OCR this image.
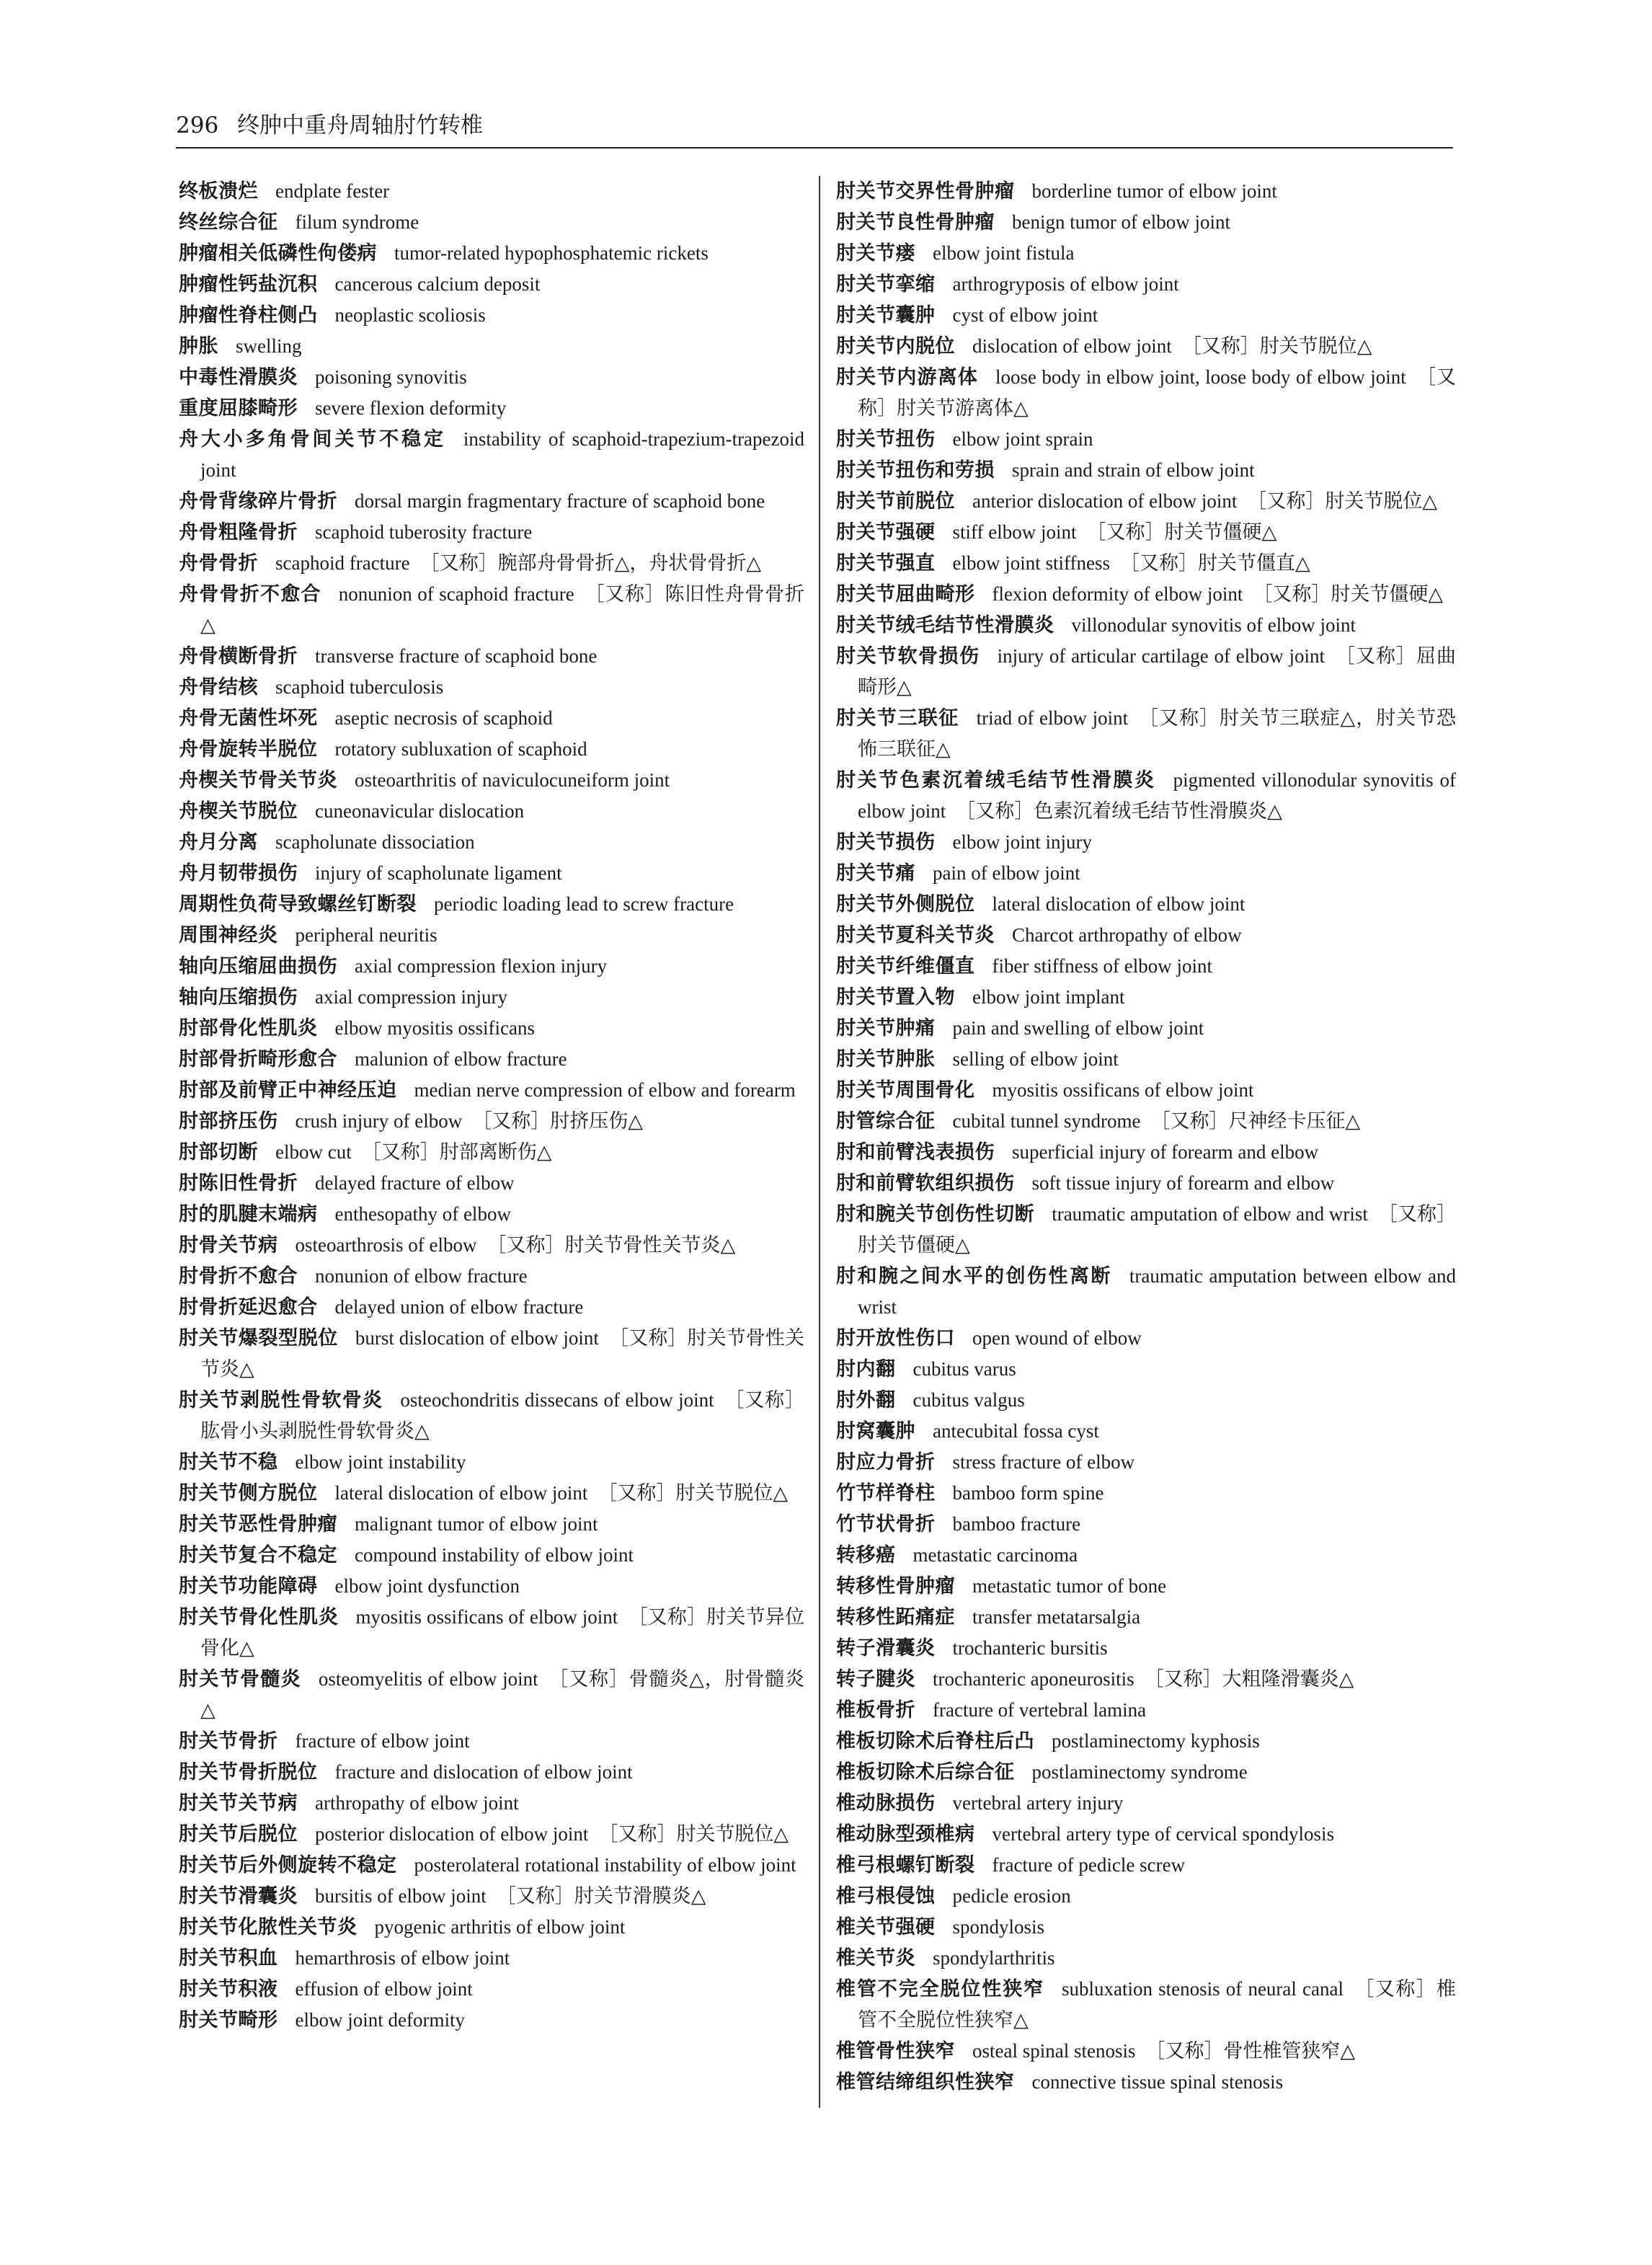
296 终肿中重舟周轴肘竹转椎
终板溃烂 endplate fester
终丝综合征 filum syndrome
肿瘤相关低磷性佝偻病 tumor-related hypophosphatemic rickets
肿瘤性钙盐沉积 cancerous calcium deposit
肿瘤性脊柱侧凸 neoplastic scoliosis
肿胀 swelling
中毒性滑膜炎 poisoning synovitis
重度屈膝畸形 severe flexion deformity
舟大小多角骨间关节不稳定 instability of scaphoid-trapezium-trapezoid joint
舟骨背缘碎片骨折 dorsal margin fragmentary fracture of scaphoid bone
舟骨粗隆骨折 scaphoid tuberosity fracture
舟骨骨折 scaphoid fracture ［又称］腕部舟骨骨折△，舟状骨骨折△
舟骨骨折不愈合 nonunion of scaphoid fracture ［又称］陈旧性舟骨骨折△
舟骨横断骨折 transverse fracture of scaphoid bone
舟骨结核 scaphoid tuberculosis
舟骨无菌性坏死 aseptic necrosis of scaphoid
舟骨旋转半脱位 rotatory subluxation of scaphoid
舟楔关节骨关节炎 osteoarthritis of naviculocuneiform joint
舟楔关节脱位 cuneonavicular dislocation
舟月分离 scapholunate dissociation
舟月韧带损伤 injury of scapholunate ligament
周期性负荷导致螺丝钉断裂 periodic loading lead to screw fracture
周围神经炎 peripheral neuritis
轴向压缩屈曲损伤 axial compression flexion injury
轴向压缩损伤 axial compression injury
肘部骨化性肌炎 elbow myositis ossificans
肘部骨折畸形愈合 malunion of elbow fracture
肘部及前臂正中神经压迫 median nerve compression of elbow and forearm
肘部挤压伤 crush injury of elbow ［又称］肘挤压伤△
肘部切断 elbow cut ［又称］肘部离断伤△
肘陈旧性骨折 delayed fracture of elbow
肘的肌腱末端病 enthesopathy of elbow
肘骨关节病 osteoarthrosis of elbow ［又称］肘关节骨性关节炎△
肘骨折不愈合 nonunion of elbow fracture
肘骨折延迟愈合 delayed union of elbow fracture
肘关节爆裂型脱位 burst dislocation of elbow joint ［又称］肘关节骨性关节炎△
肘关节剥脱性骨软骨炎 osteochondritis dissecans of elbow joint ［又称］肱骨小头剥脱性骨软骨炎△
肘关节不稳 elbow joint instability
肘关节侧方脱位 lateral dislocation of elbow joint ［又称］肘关节脱位△
肘关节恶性骨肿瘤 malignant tumor of elbow joint
肘关节复合不稳定 compound instability of elbow joint
肘关节功能障碍 elbow joint dysfunction
肘关节骨化性肌炎 myositis ossificans of elbow joint ［又称］肘关节异位骨化△
肘关节骨髓炎 osteomyelitis of elbow joint ［又称］骨髓炎△，肘骨髓炎△
肘关节骨折 fracture of elbow joint
肘关节骨折脱位 fracture and dislocation of elbow joint
肘关节关节病 arthropathy of elbow joint
肘关节后脱位 posterior dislocation of elbow joint ［又称］肘关节脱位△
肘关节后外侧旋转不稳定 posterolateral rotational instability of elbow joint
肘关节滑囊炎 bursitis of elbow joint ［又称］肘关节滑膜炎△
肘关节化脓性关节炎 pyogenic arthritis of elbow joint
肘关节积血 hemarthrosis of elbow joint
肘关节积液 effusion of elbow joint
肘关节畸形 elbow joint deformity
肘关节交界性骨肿瘤 borderline tumor of elbow joint
肘关节良性骨肿瘤 benign tumor of elbow joint
肘关节瘘 elbow joint fistula
肘关节挛缩 arthrogryposis of elbow joint
肘关节囊肿 cyst of elbow joint
肘关节内脱位 dislocation of elbow joint ［又称］肘关节脱位△
肘关节内游离体 loose body in elbow joint, loose body of elbow joint ［又称］肘关节游离体△
肘关节扭伤 elbow joint sprain
肘关节扭伤和劳损 sprain and strain of elbow joint
肘关节前脱位 anterior dislocation of elbow joint ［又称］肘关节脱位△
肘关节强硬 stiff elbow joint ［又称］肘关节僵硬△
肘关节强直 elbow joint stiffness ［又称］肘关节僵直△
肘关节屈曲畸形 flexion deformity of elbow joint ［又称］肘关节僵硬△
肘关节绒毛结节性滑膜炎 villonodular synovitis of elbow joint
肘关节软骨损伤 injury of articular cartilage of elbow joint ［又称］屈曲畸形△
肘关节三联征 triad of elbow joint ［又称］肘关节三联症△，肘关节恐怖三联征△
肘关节色素沉着绒毛结节性滑膜炎 pigmented villonodular synovitis of elbow joint ［又称］色素沉着绒毛结节性滑膜炎△
肘关节损伤 elbow joint injury
肘关节痛 pain of elbow joint
肘关节外侧脱位 lateral dislocation of elbow joint
肘关节夏科关节炎 Charcot arthropathy of elbow
肘关节纤维僵直 fiber stiffness of elbow joint
肘关节置入物 elbow joint implant
肘关节肿痛 pain and swelling of elbow joint
肘关节肿胀 selling of elbow joint
肘关节周围骨化 myositis ossificans of elbow joint
肘管综合征 cubital tunnel syndrome ［又称］尺神经卡压征△
肘和前臂浅表损伤 superficial injury of forearm and elbow
肘和前臂软组织损伤 soft tissue injury of forearm and elbow
肘和腕关节创伤性切断 traumatic amputation of elbow and wrist ［又称］肘关节僵硬△
肘和腕之间水平的创伤性离断 traumatic amputation between elbow and wrist
肘开放性伤口 open wound of elbow
肘内翻 cubitus varus
肘外翻 cubitus valgus
肘窝囊肿 antecubital fossa cyst
肘应力骨折 stress fracture of elbow
竹节样脊柱 bamboo form spine
竹节状骨折 bamboo fracture
转移癌 metastatic carcinoma
转移性骨肿瘤 metastatic tumor of bone
转移性跖痛症 transfer metatarsalgia
转子滑囊炎 trochanteric bursitis
转子腱炎 trochanteric aponeurositis ［又称］大粗隆滑囊炎△
椎板骨折 fracture of vertebral lamina
椎板切除术后脊柱后凸 postlaminectomy kyphosis
椎板切除术后综合征 postlaminectomy syndrome
椎动脉损伤 vertebral artery injury
椎动脉型颈椎病 vertebral artery type of cervical spondylosis
椎弓根螺钉断裂 fracture of pedicle screw
椎弓根侵蚀 pedicle erosion
椎关节强硬 spondylosis
椎关节炎 spondylarthritis
椎管不完全脱位性狭窄 subluxation stenosis of neural canal ［又称］椎管不全脱位性狭窄△
椎管骨性狭窄 osteal spinal stenosis ［又称］骨性椎管狭窄△
椎管结缔组织性狭窄 connective tissue spinal stenosis
